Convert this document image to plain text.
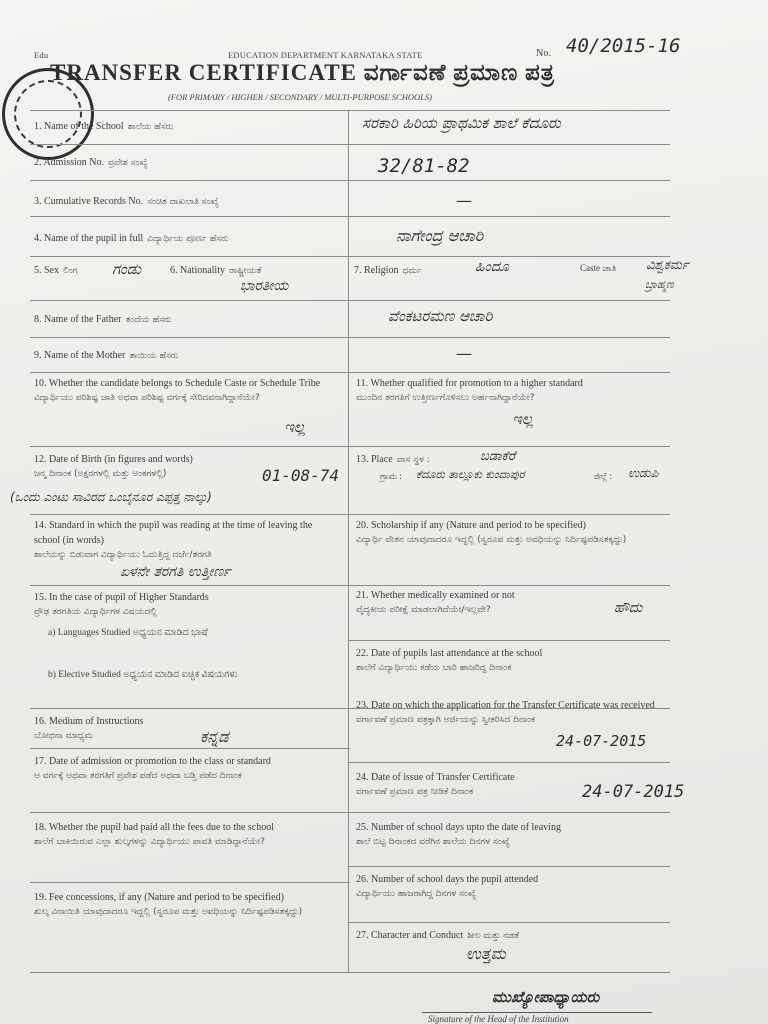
Edu	EDUCATION DEPARTMENT KARNATAKA STATE	No. 40/2015-16
TRANSFER CERTIFICATE ವರ್ಗಾವಣೆ ಪ್ರಮಾಣ ಪತ್ರ
(FOR PRIMARY / HIGHER / SECONDARY / MULTI-PURPOSE SCHOOLS)
1. Name of the School ಶಾಲೆಯ ಹೆಸರು	ಸರಕಾರಿ ಹಿರಿಯ ಪ್ರಾಥಮಿಕ ಶಾಲೆ ಕೆದೂರು
2. Admission No. ಪ್ರವೇಶ ಸಂಖ್ಯೆ	32/81-82
3. Cumulative Records No. ಸಂಚಿತ ದಾಖಲಾತಿ ಸಂಖ್ಯೆ	—
4. Name of the pupil in full ವಿದ್ಯಾರ್ಥಿಯ ಪೂರ್ಣ ಹೆಸರು	ನಾಗೇಂದ್ರ ಆಚಾರಿ
5. Sex ಲಿಂಗ ಗಂಡು	6. Nationality ರಾಷ್ಟ್ರೀಯತೆ
ಭಾರತೀಯ
7. Religion ಧರ್ಮ	ಹಿಂದೂ	Caste ಜಾತಿ ವಿಶ್ವಕರ್ಮ
ಬ್ರಾಹ್ಮಣ
8. Name of the Father ತಂದೆಯ ಹೆಸರು	ವೆಂಕಟರಮಣ ಆಚಾರಿ
9. Name of the Mother ತಾಯಿಯ ಹೆಸರು	—
10. Whether the candidate belongs to Schedule Caste or Schedule Tribe
ವಿದ್ಯಾರ್ಥಿಯು ಪರಿಶಿಷ್ಟ ಜಾತಿ ಅಥವಾ ಪರಿಶಿಷ್ಟ ವರ್ಗಕ್ಕೆ ಸೇರಿದವನಾಗಿದ್ದಾನೆಯೇ?
ಇಲ್ಲ
11. Whether qualified for promotion to a higher standard
ಮುಂದಿನ ತರಗತಿಗೆ ಉತ್ತೀರ್ಣಗೊಳಿಸಲು ಅರ್ಹನಾಗಿದ್ದಾನೆಯೇ?
ಇಲ್ಲ
12. Date of Birth (in figures and words)
ಜನ್ಮ ದಿನಾಂಕ (ಅಕ್ಷರಗಳಲ್ಲಿ ಮತ್ತು ಅಂಕಗಳಲ್ಲಿ)	01-08-74
(ಒಂದು ಎಂಟು ಸಾವಿರದ ಒಂಬೈನೂರ ಎಪ್ಪತ್ತ ನಾಲ್ಕು)
13. Place ವಾಸ ಸ್ಥಳ :	ಬಡಾಕೆರೆ
ಗ್ರಾಮ : ಕೆದೂರು ತಾಲ್ಲೂಕು ಕುಂದಾಪುರ	ಜಿಲ್ಲೆ : ಉಡುಪಿ
14. Standard in which the pupil was reading at the time of leaving the school (in words)
ಶಾಲೆಯನ್ನು ಬಿಡುವಾಗ ವಿದ್ಯಾರ್ಥಿಯು ಓದುತ್ತಿದ್ದ ದರ್ಜೆ/ತರಗತಿ
ಏಳನೇ ತರಗತಿ ಉತ್ತೀರ್ಣ
20. Scholarship if any (Nature and period to be specified)
ವಿದ್ಯಾರ್ಥಿ ವೇತನ ಯಾವುದಾದರೂ ಇದ್ದಲ್ಲಿ (ಸ್ವರೂಪ ಮತ್ತು ಅವಧಿಯನ್ನು ನಿರ್ದಿಷ್ಟಪಡಿಸತಕ್ಕದ್ದು)
15. In the case of pupil of Higher Standards
ಪ್ರೌಢ ತರಗತಿಯ ವಿದ್ಯಾರ್ಥಿಗಳ ವಿಷಯದಲ್ಲಿ
a) Languages Studied ಅಧ್ಯಯನ ಮಾಡಿದ ಭಾಷೆ
b) Elective Studied ಅಧ್ಯಯನ ಮಾಡಿದ ಐಚ್ಛಿಕ ವಿಷಯಗಳು
21. Whether medically examined or not
ವೈದ್ಯಕೀಯ ಪರೀಕ್ಷೆ ಮಾಡಲಾಗಿದೆಯೇ/ಇಲ್ಲವೇ?	ಹೌದು
22. Date of pupils last attendance at the school
ಶಾಲೆಗೆ ವಿದ್ಯಾರ್ಥಿಯು ಕಡೆಯ ಬಾರಿ ಹಾಜರಿದ್ದ ದಿನಾಂಕ
16. Medium of Instructions
ಬೋಧನಾ ಮಾಧ್ಯಮ	ಕನ್ನಡ
23. Date on which the application for the Transfer Certificate was received
ವರ್ಗಾವಣೆ ಪ್ರಮಾಣ ಪತ್ರಕ್ಕಾಗಿ ಅರ್ಜಿಯನ್ನು ಸ್ವೀಕರಿಸಿದ ದಿನಾಂಕ
24-07-2015
17. Date of admission or promotion to the class or standard
ಆ ವರ್ಗಕ್ಕೆ ಅಥವಾ ತರಗತಿಗೆ ಪ್ರವೇಶ ಪಡೆದ ಅಥವಾ ಬಡ್ತಿ ಪಡೆದ ದಿನಾಂಕ	24. Date of issue of Transfer Certificate
ವರ್ಗಾವಣೆ ಪ್ರಮಾಣ ಪತ್ರ ನೀಡಿಕೆ ದಿನಾಂಕ	24-07-2015
18. Whether the pupil had paid all the fees due to the school
ಶಾಲೆಗೆ ಬಾಕಿಯಿರುವ ಎಲ್ಲಾ ಶುಲ್ಕಗಳನ್ನು ವಿದ್ಯಾರ್ಥಿಯು ಪಾವತಿ ಮಾಡಿದ್ದಾನೆಯೇ?
25. Number of school days upto the date of leaving
ಶಾಲೆ ಬಿಟ್ಟ ದಿನಾಂಕದ ವರೆಗಿನ ಶಾಲೆಯ ದಿನಗಳ ಸಂಖ್ಯೆ
19. Fee concessions, if any (Nature and period to be specified)
ಶುಲ್ಕ ವಿನಾಯಿತಿ ಯಾವುದಾದರೂ ಇದ್ದಲ್ಲಿ (ಸ್ವರೂಪ ಮತ್ತು ಅವಧಿಯನ್ನು ನಿರ್ದಿಷ್ಟಪಡಿಸತಕ್ಕದ್ದು)
26. Number of school days the pupil attended
ವಿದ್ಯಾರ್ಥಿಯು ಹಾಜರಾಗಿದ್ದ ದಿನಗಳ ಸಂಖ್ಯೆ
27. Character and Conduct ಶೀಲ ಮತ್ತು ನಡತೆ
ಉತ್ತಮ
ಮುಖ್ಯೋಪಾಧ್ಯಾಯರು
Signature of the Head of the Institution
